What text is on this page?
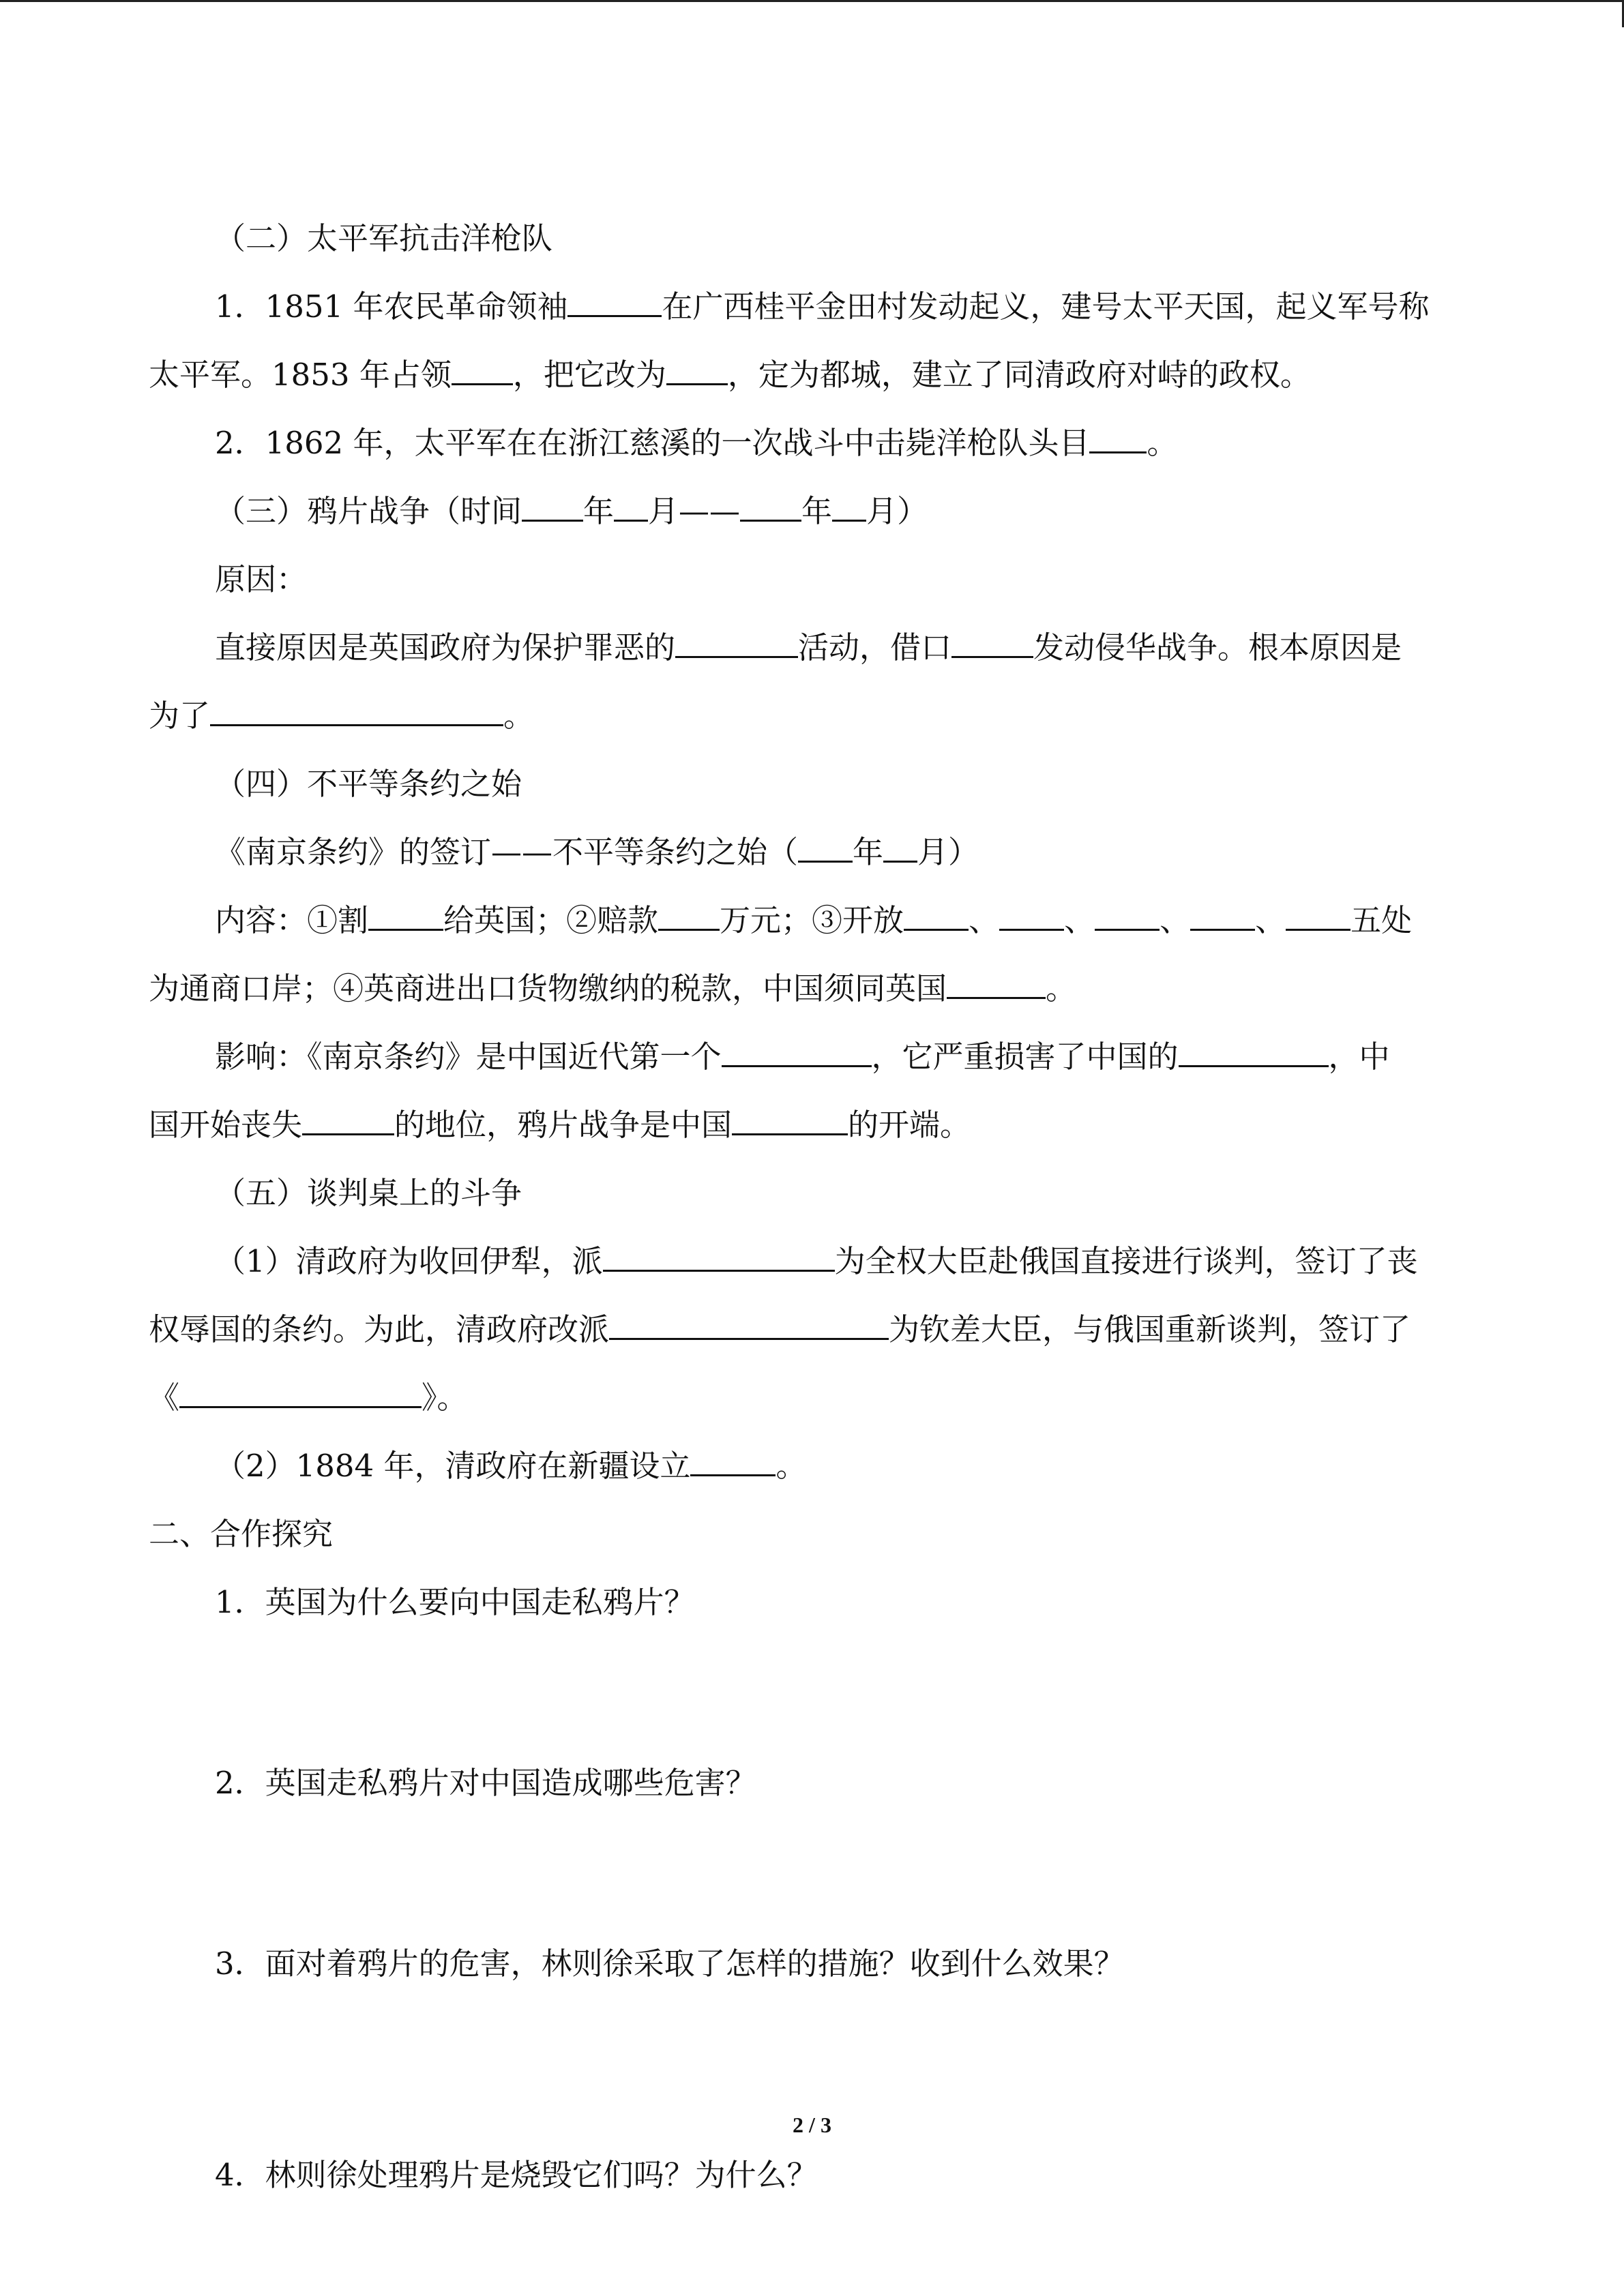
（二）太平军抗击洋枪队

1．1851 年农民革命领袖	在广西桂平金田村发动起义，建号太平天国，起义军号称

太平军。1853 年占领 ，把它改为 ，定为都城，建立了同清政府对峙的政权。

2．1862 年，太平军在在浙江慈溪的一次战斗中击毙洋枪队头目 。

（三）鸦片战争（时间 年 月—— 年 月）

原因：

直接原因是英国政府为保护罪恶的	活动，借口	发动侵华战争。根本原因是

为了	。

（四）不平等条约之始

《南京条约》的签订——不平等条约之始（ 年 月）

内容：①割 给英国；②赔款 万元；③开放 、 、 、 、 五处

为通商口岸；④英商进出口货物缴纳的税款，中国须同英国	。

影响：《南京条约》是中国近代第一个	，它严重损害了中国的	，中

国开始丧失	的地位，鸦片战争是中国	的开端。

（五）谈判桌上的斗争

（1）清政府为收回伊犁，派	为全权大臣赴俄国直接进行谈判，签订了丧

权辱国的条约。为此，清政府改派	为钦差大臣，与俄国重新谈判，签订了

《	》。

（2）1884 年，清政府在新疆设立	。

二、合作探究

1．英国为什么要向中国走私鸦片？

2．英国走私鸦片对中国造成哪些危害？

3．面对着鸦片的危害，林则徐采取了怎样的措施？收到什么效果？

4．林则徐处理鸦片是烧毁它们吗？为什么？

2 / 3
